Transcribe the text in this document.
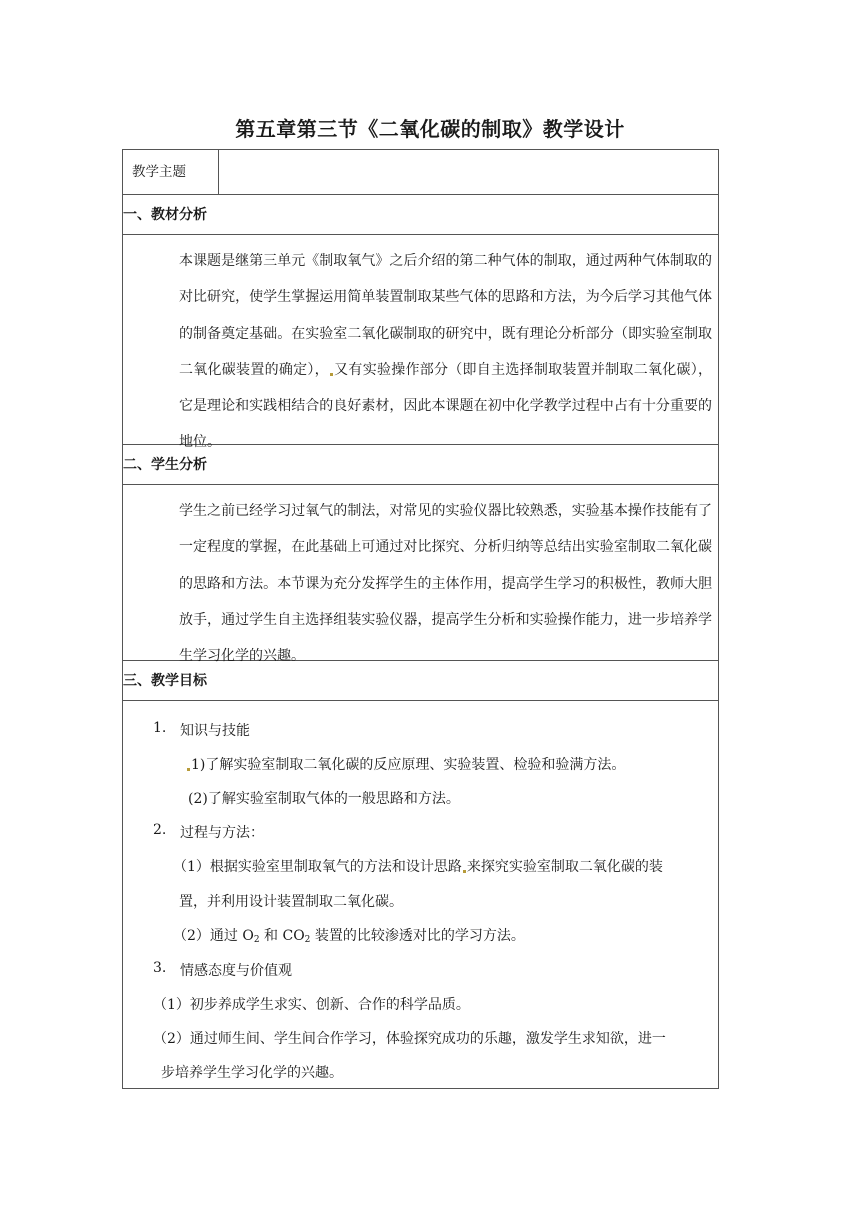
第五章第三节《二氧化碳的制取》教学设计
教学主题
一、教材分析
本课题是继第三单元《制取氧气》之后介绍的第二种气体的制取，通过两种气体制取的对比研究，使学生掌握运用简单装置制取某些气体的思路和方法，为今后学习其他气体的制备奠定基础。在实验室二氧化碳制取的研究中，既有理论分析部分（即实验室制取二氧化碳装置的确定）， 又有实验操作部分（即自主选择制取装置并制取二氧化碳），它是理论和实践相结合的良好素材，因此本课题在初中化学教学过程中占有十分重要的地位。
二、学生分析
学生之前已经学习过氧气的制法，对常见的实验仪器比较熟悉，实验基本操作技能有了一定程度的掌握，在此基础上可通过对比探究、分析归纳等总结出实验室制取二氧化碳的思路和方法。本节课为充分发挥学生的主体作用，提高学生学习的积极性，教师大胆放手，通过学生自主选择组装实验仪器，提高学生分析和实验操作能力，进一步培养学生学习化学的兴趣。
三、教学目标
1. 知识与技能
1)了解实验室制取二氧化碳的反应原理、实验装置、检验和验满方法。
(2)了解实验室制取气体的一般思路和方法。
2. 过程与方法：
（1）根据实验室里制取氧气的方法和设计思路 来探究实验室制取二氧化碳的装
置，并利用设计装置制取二氧化碳。
（2）通过 $O_2$ 和 $CO_2$ 装置的比较渗透对比的学习方法。
3. 情感态度与价值观
（1）初步养成学生求实、创新、合作的科学品质。
（2）通过师生间、学生间合作学习，体验探究成功的乐趣，激发学生求知欲，进一
步培养学生学习化学的兴趣。
